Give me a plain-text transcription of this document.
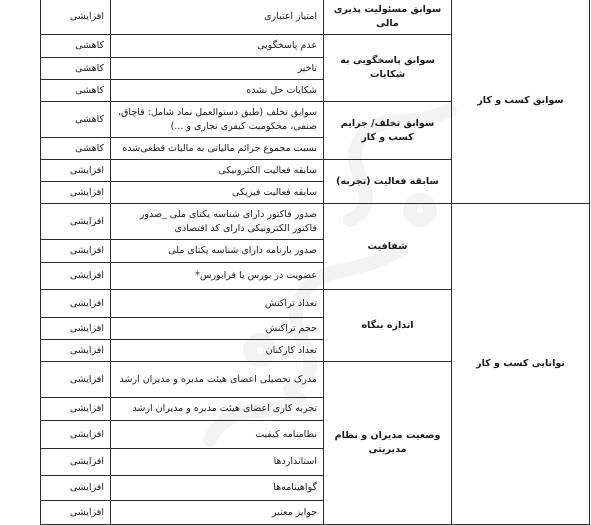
سوابق کسب و کار	سوابق مسئولیت پذیری مالی	امتیاز اعتباری	افزایشی
	سوابق پاسخگویی به شکایات	عدم پاسخگویی	کاهشی
		تاخیر	کاهشی
		شکایات حل نشده	کاهشی
	سوابق تخلف/ جرایم کسب و کار	سوابق تخلف (طبق دستوالعمل نماد شامل: قاچاق، صنفی، محکومیت کیفری تجاری و ...)	کاهشی
		نسبت مجموع جرائم مالیاتی به مالیات قطعی‌شده	کاهشی
	سابقه فعالیت (تجربه)	سابقه فعالیت الکترونیکی	افزایشی
		سابقه فعالیت فیزیکی	افزایشی
توانایی کسب و کار	شفافیت	صدور فاکتور دارای شناسه یکتای ملی _صدور فاکتور الکترونیکی دارای کد اقتصادی	افزایشی
		صدور بارنامه دارای شناسه یکتای ملی	افزایشی
		عضویت در بورس یا فرابورس*	افزایشی
	اندازه بنگاه	تعداد تراکنش	افزایشی
		حجم تراکنش	افزایشی
		تعداد کارکنان	افزایشی
	وضعیت مدیران و نظام مدیریتی	مدرک تحصیلی اعضای هیئت مدیره و مدیران ارشد	افزایشی
		تجربه کاری اعضای هیئت مدیره و مدیران ارشد	افزایشی
		نظامنامه کیفیت	افزایشی
		استانداردها	افزایشی
		گواهینامه‌ها	افزایشی
		جوایز معتبر	افزایشی
